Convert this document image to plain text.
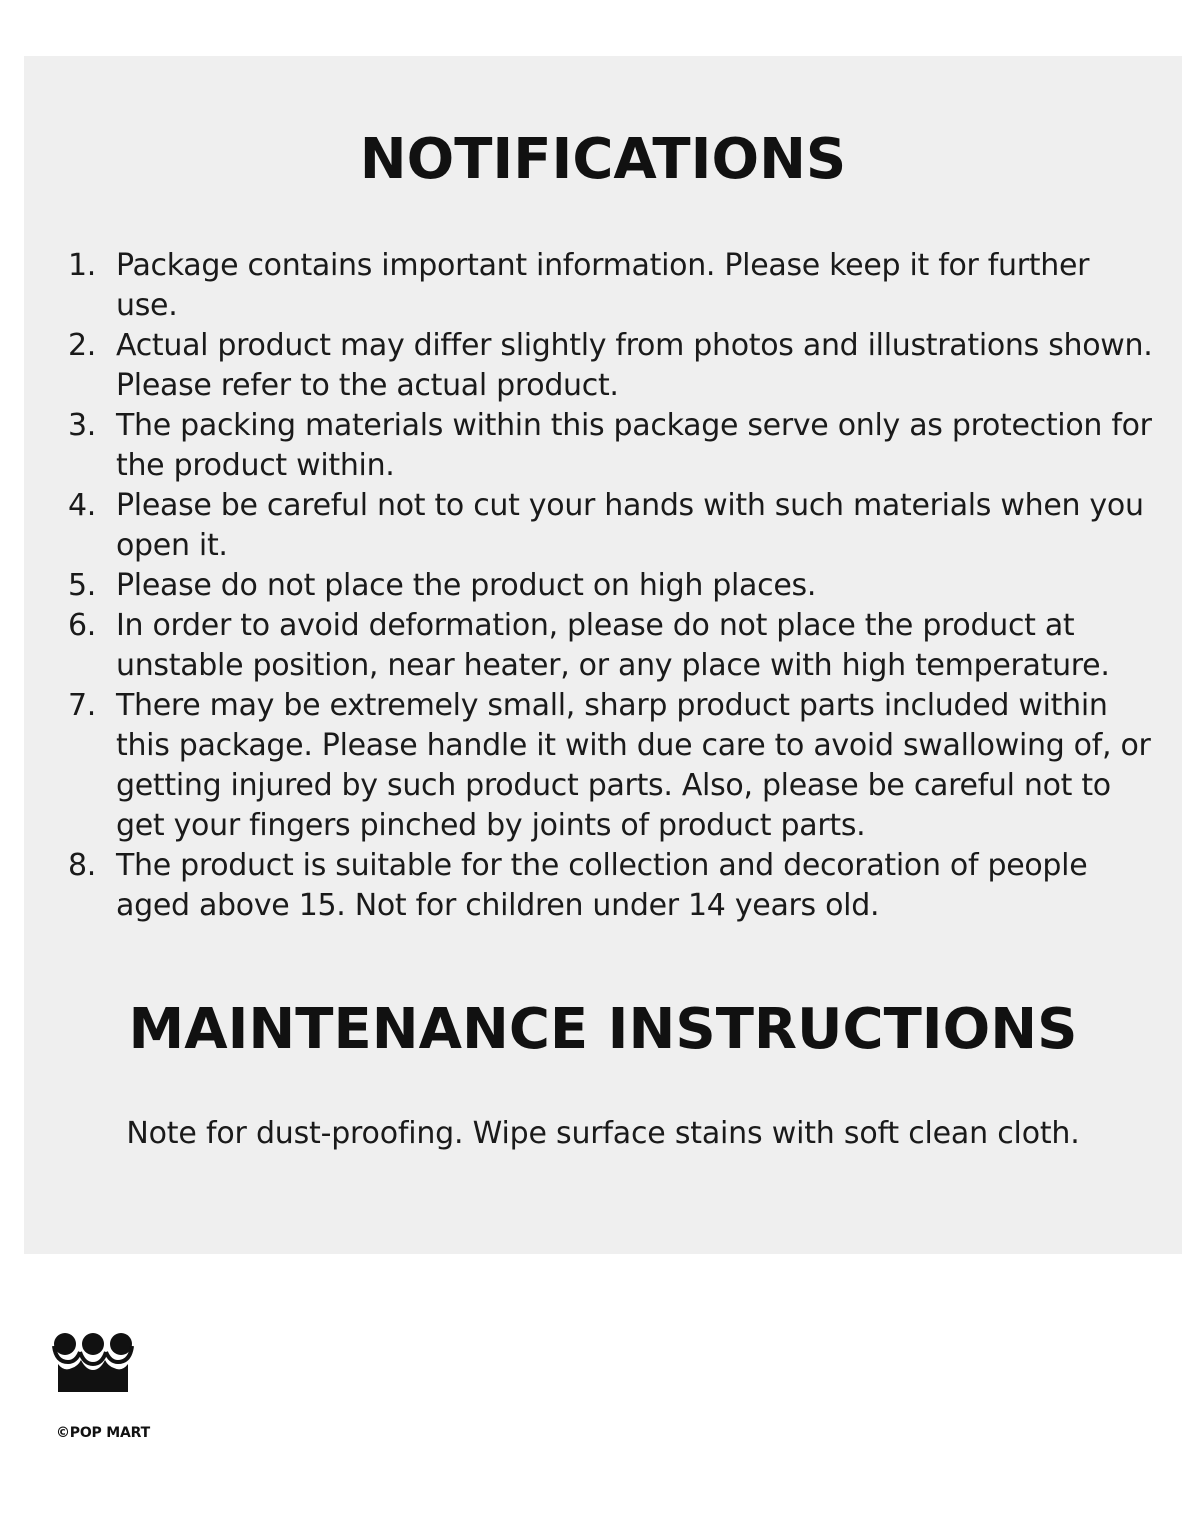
NOTIFICATIONS
1. Package contains important information. Please keep it for further use.
2. Actual product may differ slightly from photos and illustrations shown. Please refer to the actual product.
3. The packing materials within this package serve only as protection for the product within.
4. Please be careful not to cut your hands with such materials when you open it.
5. Please do not place the product on high places.
6. In order to avoid deformation, please do not place the product at unstable position, near heater, or any place with high temperature.
7. There may be extremely small, sharp product parts included within this package. Please handle it with due care to avoid swallowing of, or getting injured by such product parts. Also, please be careful not to get your fingers pinched by joints of product parts.
8. The product is suitable for the collection and decoration of people aged above 15. Not for children under 14 years old.
MAINTENANCE INSTRUCTIONS

Note for dust-proofing. Wipe surface stains with soft clean cloth.

©POP MART
